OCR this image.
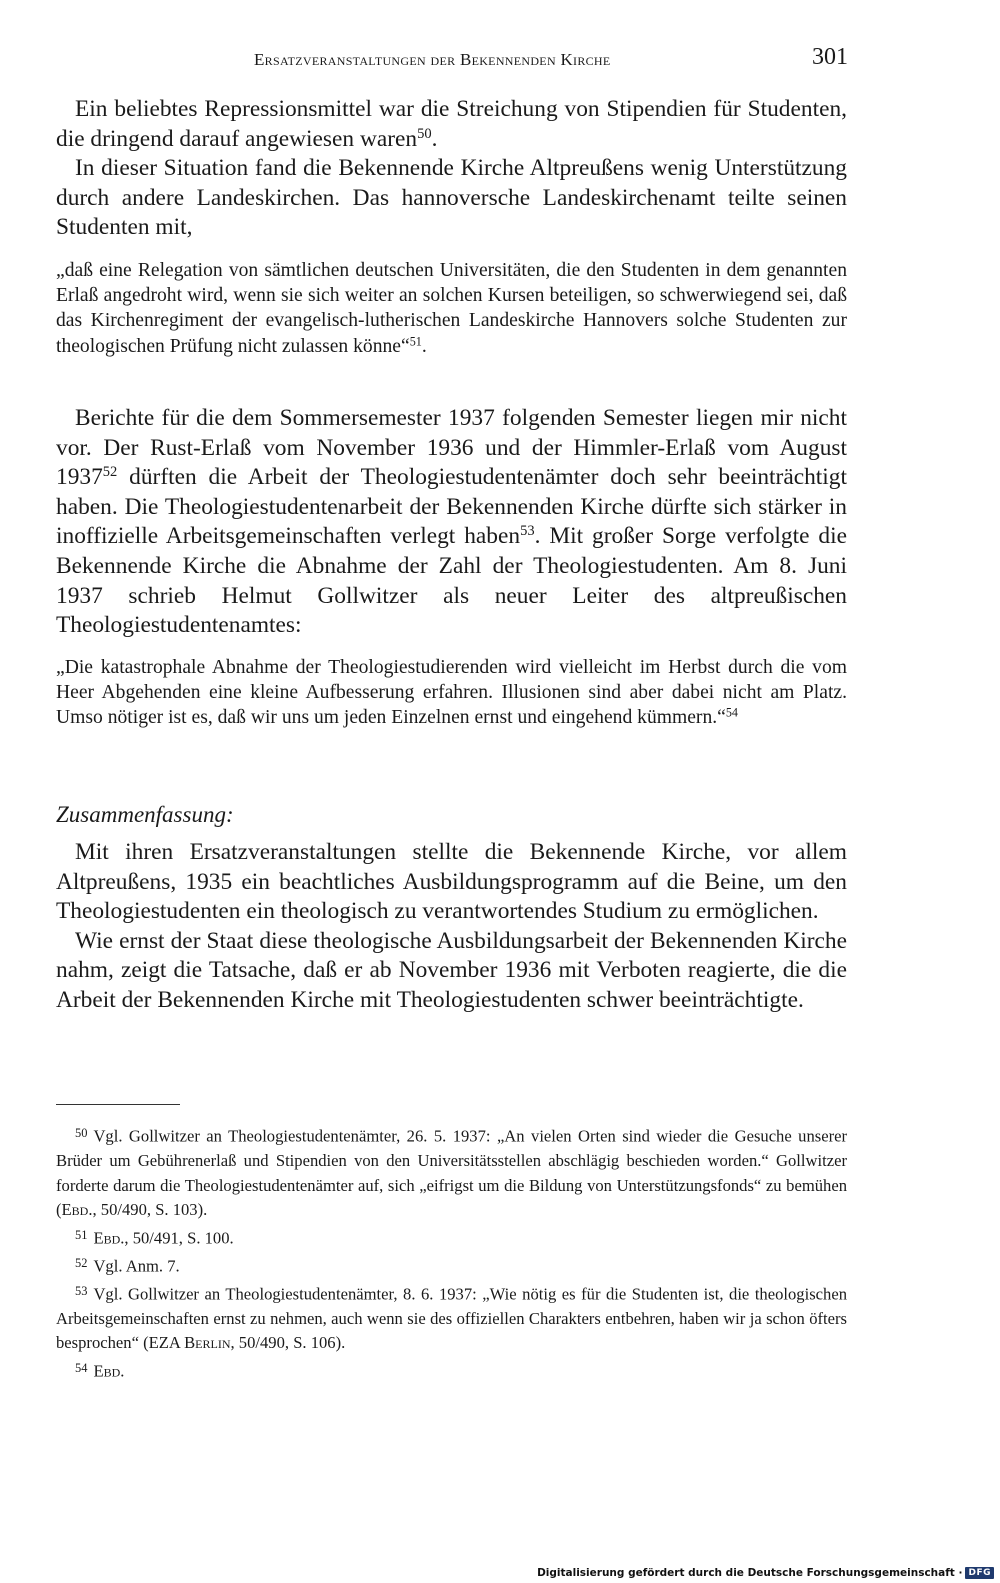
Ersatzveranstaltungen der Bekennenden Kirche	301

Ein beliebtes Repressionsmittel war die Streichung von Stipendien für Studenten, die dringend darauf angewiesen waren$^{50}$.

In dieser Situation fand die Bekennende Kirche Altpreußens wenig Unterstützung durch andere Landeskirchen. Das hannoversche Landeskirchenamt teilte seinen Studenten mit,

„daß eine Relegation von sämtlichen deutschen Universitäten, die den Studenten in dem genannten Erlaß angedroht wird, wenn sie sich weiter an solchen Kursen beteiligen, so schwerwiegend sei, daß das Kirchenregiment der evangelisch-lutherischen Landeskirche Hannovers solche Studenten zur theologischen Prüfung nicht zulassen könne“$^{51}$.

Berichte für die dem Sommersemester 1937 folgenden Semester liegen mir nicht vor. Der Rust-Erlaß vom November 1936 und der Himmler-Erlaß vom August 1937$^{52}$ dürften die Arbeit der Theologiestudentenämter doch sehr beeinträchtigt haben. Die Theologiestudentenarbeit der Bekennenden Kirche dürfte sich stärker in inoffizielle Arbeitsgemeinschaften verlegt haben$^{53}$. Mit großer Sorge verfolgte die Bekennende Kirche die Abnahme der Zahl der Theologiestudenten. Am 8. Juni 1937 schrieb Helmut Gollwitzer als neuer Leiter des altpreußischen Theologiestudentenamtes:

„Die katastrophale Abnahme der Theologiestudierenden wird vielleicht im Herbst durch die vom Heer Abgehenden eine kleine Aufbesserung erfahren. Illusionen sind aber dabei nicht am Platz. Umso nötiger ist es, daß wir uns um jeden Einzelnen ernst und eingehend kümmern.“$^{54}$

Zusammenfassung:

Mit ihren Ersatzveranstaltungen stellte die Bekennende Kirche, vor allem Altpreußens, 1935 ein beachtliches Ausbildungsprogramm auf die Beine, um den Theologiestudenten ein theologisch zu verantwortendes Studium zu ermöglichen.

Wie ernst der Staat diese theologische Ausbildungsarbeit der Bekennenden Kirche nahm, zeigt die Tatsache, daß er ab November 1936 mit Verboten reagierte, die die Arbeit der Bekennenden Kirche mit Theologiestudenten schwer beeinträchtigte.

$^{50}$ Vgl. Gollwitzer an Theologiestudentenämter, 26. 5. 1937: „An vielen Orten sind wieder die Gesuche unserer Brüder um Gebührenerlaß und Stipendien von den Universitätsstellen abschlägig beschieden worden.“ Gollwitzer forderte darum die Theologiestudentenämter auf, sich „eifrigst um die Bildung von Unterstützungsfonds“ zu bemühen (Ebd., 50/490, S. 103).

$^{51}$ Ebd., 50/491, S. 100.

$^{52}$ Vgl. Anm. 7.

$^{53}$ Vgl. Gollwitzer an Theologiestudentenämter, 8. 6. 1937: „Wie nötig es für die Studenten ist, die theologischen Arbeitsgemeinschaften ernst zu nehmen, auch wenn sie des offiziellen Charakters entbehren, haben wir ja schon öfters besprochen“ (EZA Berlin, 50/490, S. 106).

$^{54}$ Ebd.

Digitalisierung gefördert durch die Deutsche Forschungsgemeinschaft · DFG
